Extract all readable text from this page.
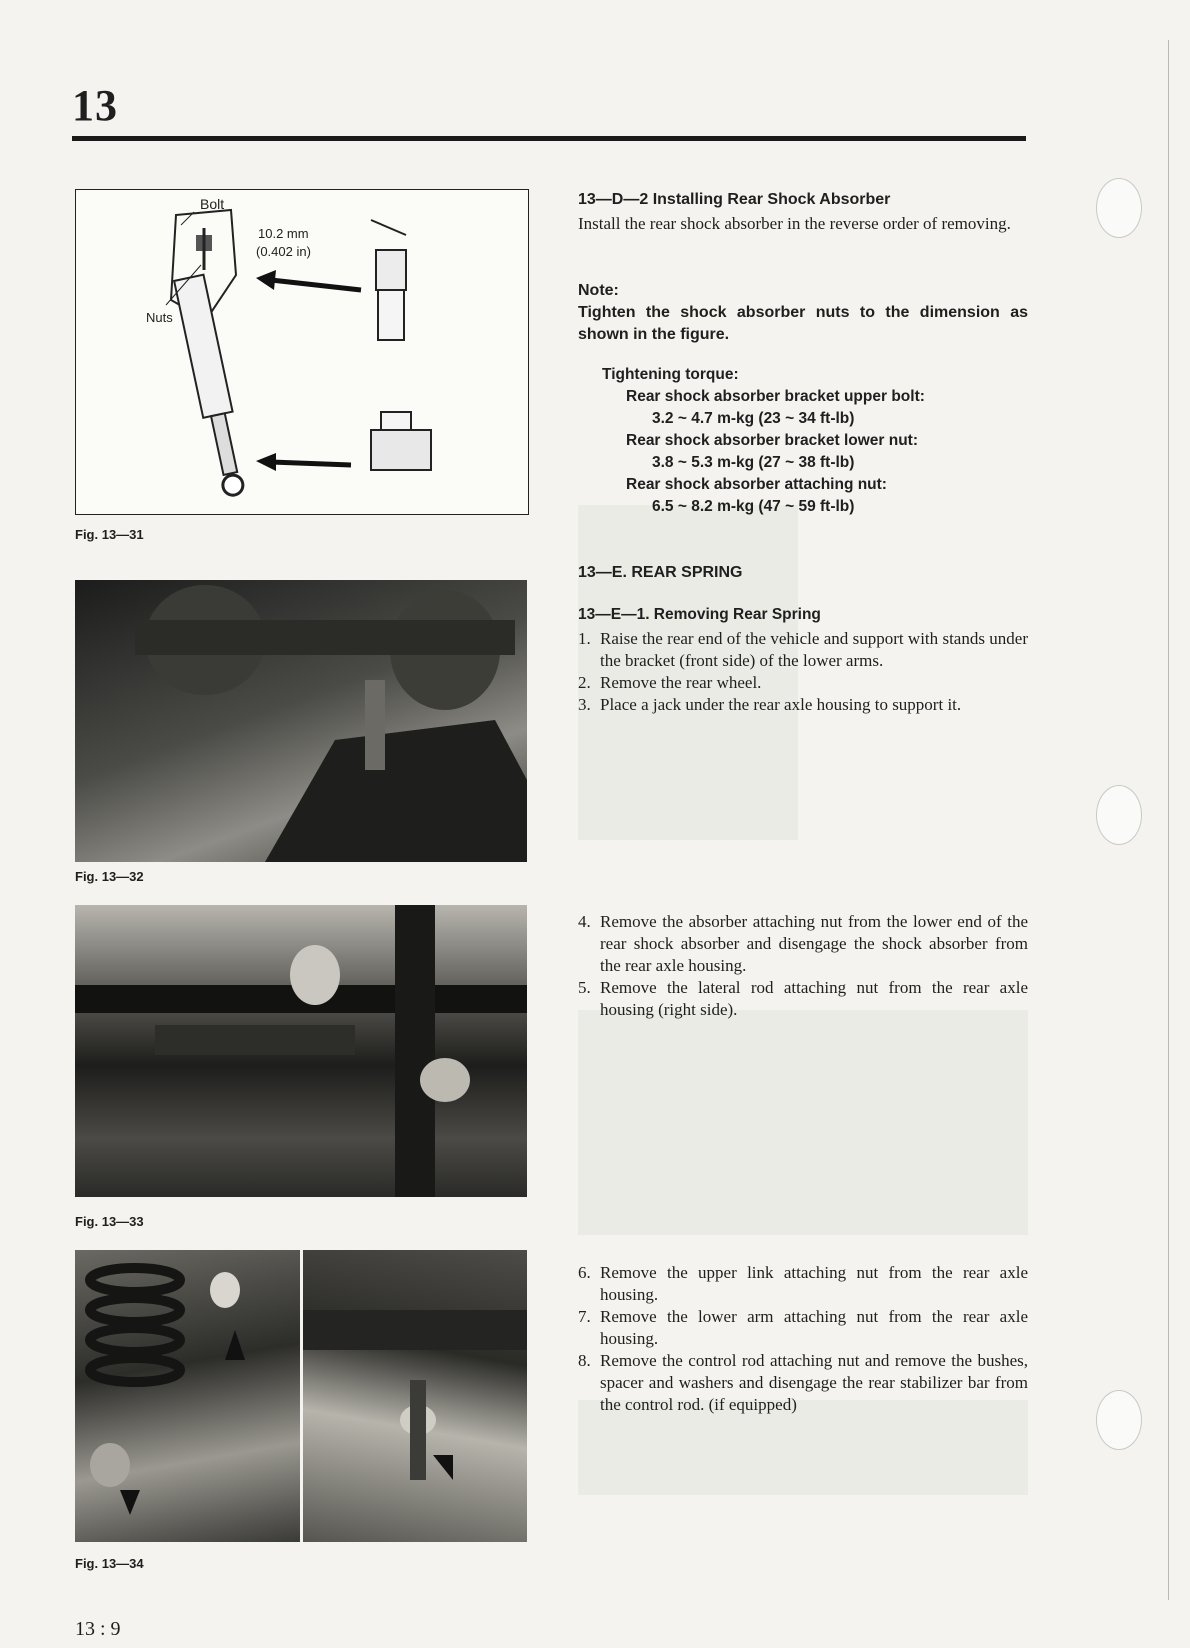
13
Bolt
10.2 mm
(0.402 in)
Nuts
Fig. 13—31
Fig. 13—32
Fig. 13—33
Fig. 13—34
13—D—2 Installing Rear Shock Absorber
Install the rear shock absorber in the reverse order of removing.
Note:
Tighten the shock absorber nuts to the dimension as shown in the figure.
Tightening torque:
Rear shock absorber bracket upper bolt:
3.2 ~ 4.7 m-kg (23 ~ 34 ft-lb)
Rear shock absorber bracket lower nut:
3.8 ~ 5.3 m-kg (27 ~ 38 ft-lb)
Rear shock absorber attaching nut:
6.5 ~ 8.2 m-kg (47 ~ 59 ft-lb)
13—E. REAR SPRING
13—E—1. Removing Rear Spring
1. Raise the rear end of the vehicle and support with stands under the bracket (front side) of the lower arms.
2. Remove the rear wheel.
3. Place a jack under the rear axle housing to support it.
4. Remove the absorber attaching nut from the lower end of the rear shock absorber and disengage the shock absorber from the rear axle housing.
5. Remove the lateral rod attaching nut from the rear axle housing (right side).
6. Remove the upper link attaching nut from the rear axle housing.
7. Remove the lower arm attaching nut from the rear axle housing.
8. Remove the control rod attaching nut and remove the bushes, spacer and washers and disengage the rear stabilizer bar from the control rod. (if equipped)
13 : 9
